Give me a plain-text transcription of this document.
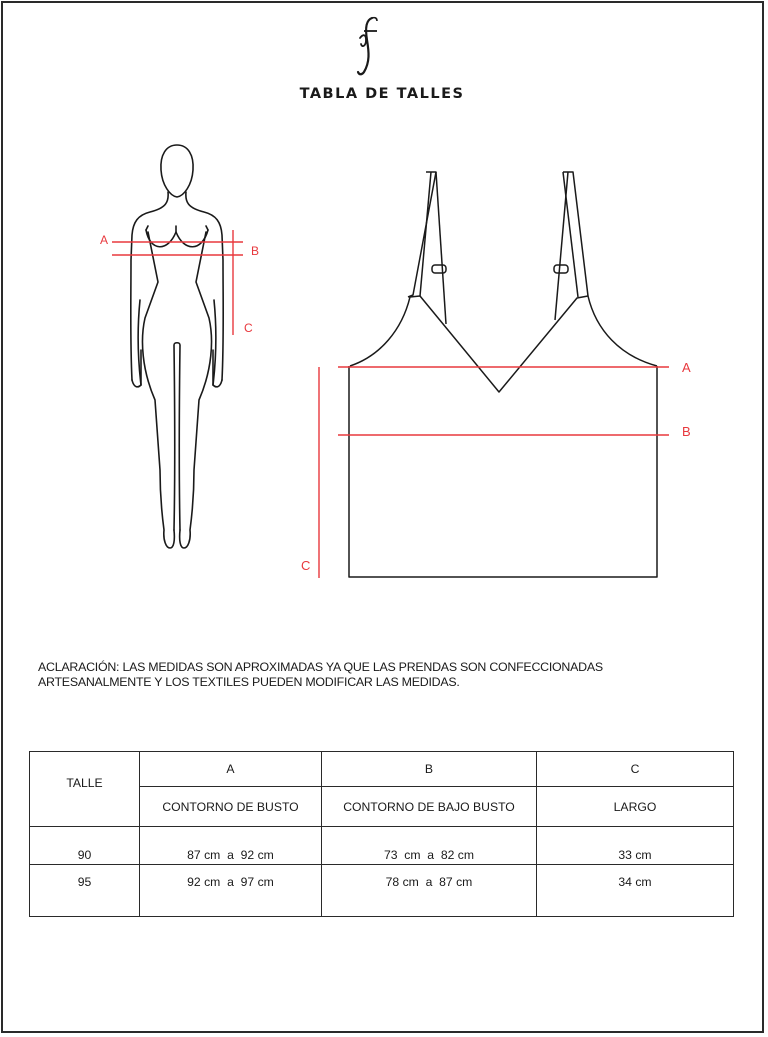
TABLA DE TALLES
A
B
C
A
B
C
ACLARACIÓN: LAS MEDIDAS SON APROXIMADAS YA QUE LAS PRENDAS SON CONFECCIONADAS
ARTESANALMENTE Y LOS TEXTILES PUEDEN MODIFICAR LAS MEDIDAS.
TALLE	A	B	C
	CONTORNO DE BUSTO	CONTORNO DE BAJO BUSTO	LARGO
90	87 cm  a  92 cm	73  cm  a  82 cm	33 cm
95	92 cm  a  97 cm	78 cm  a  87 cm	34 cm
